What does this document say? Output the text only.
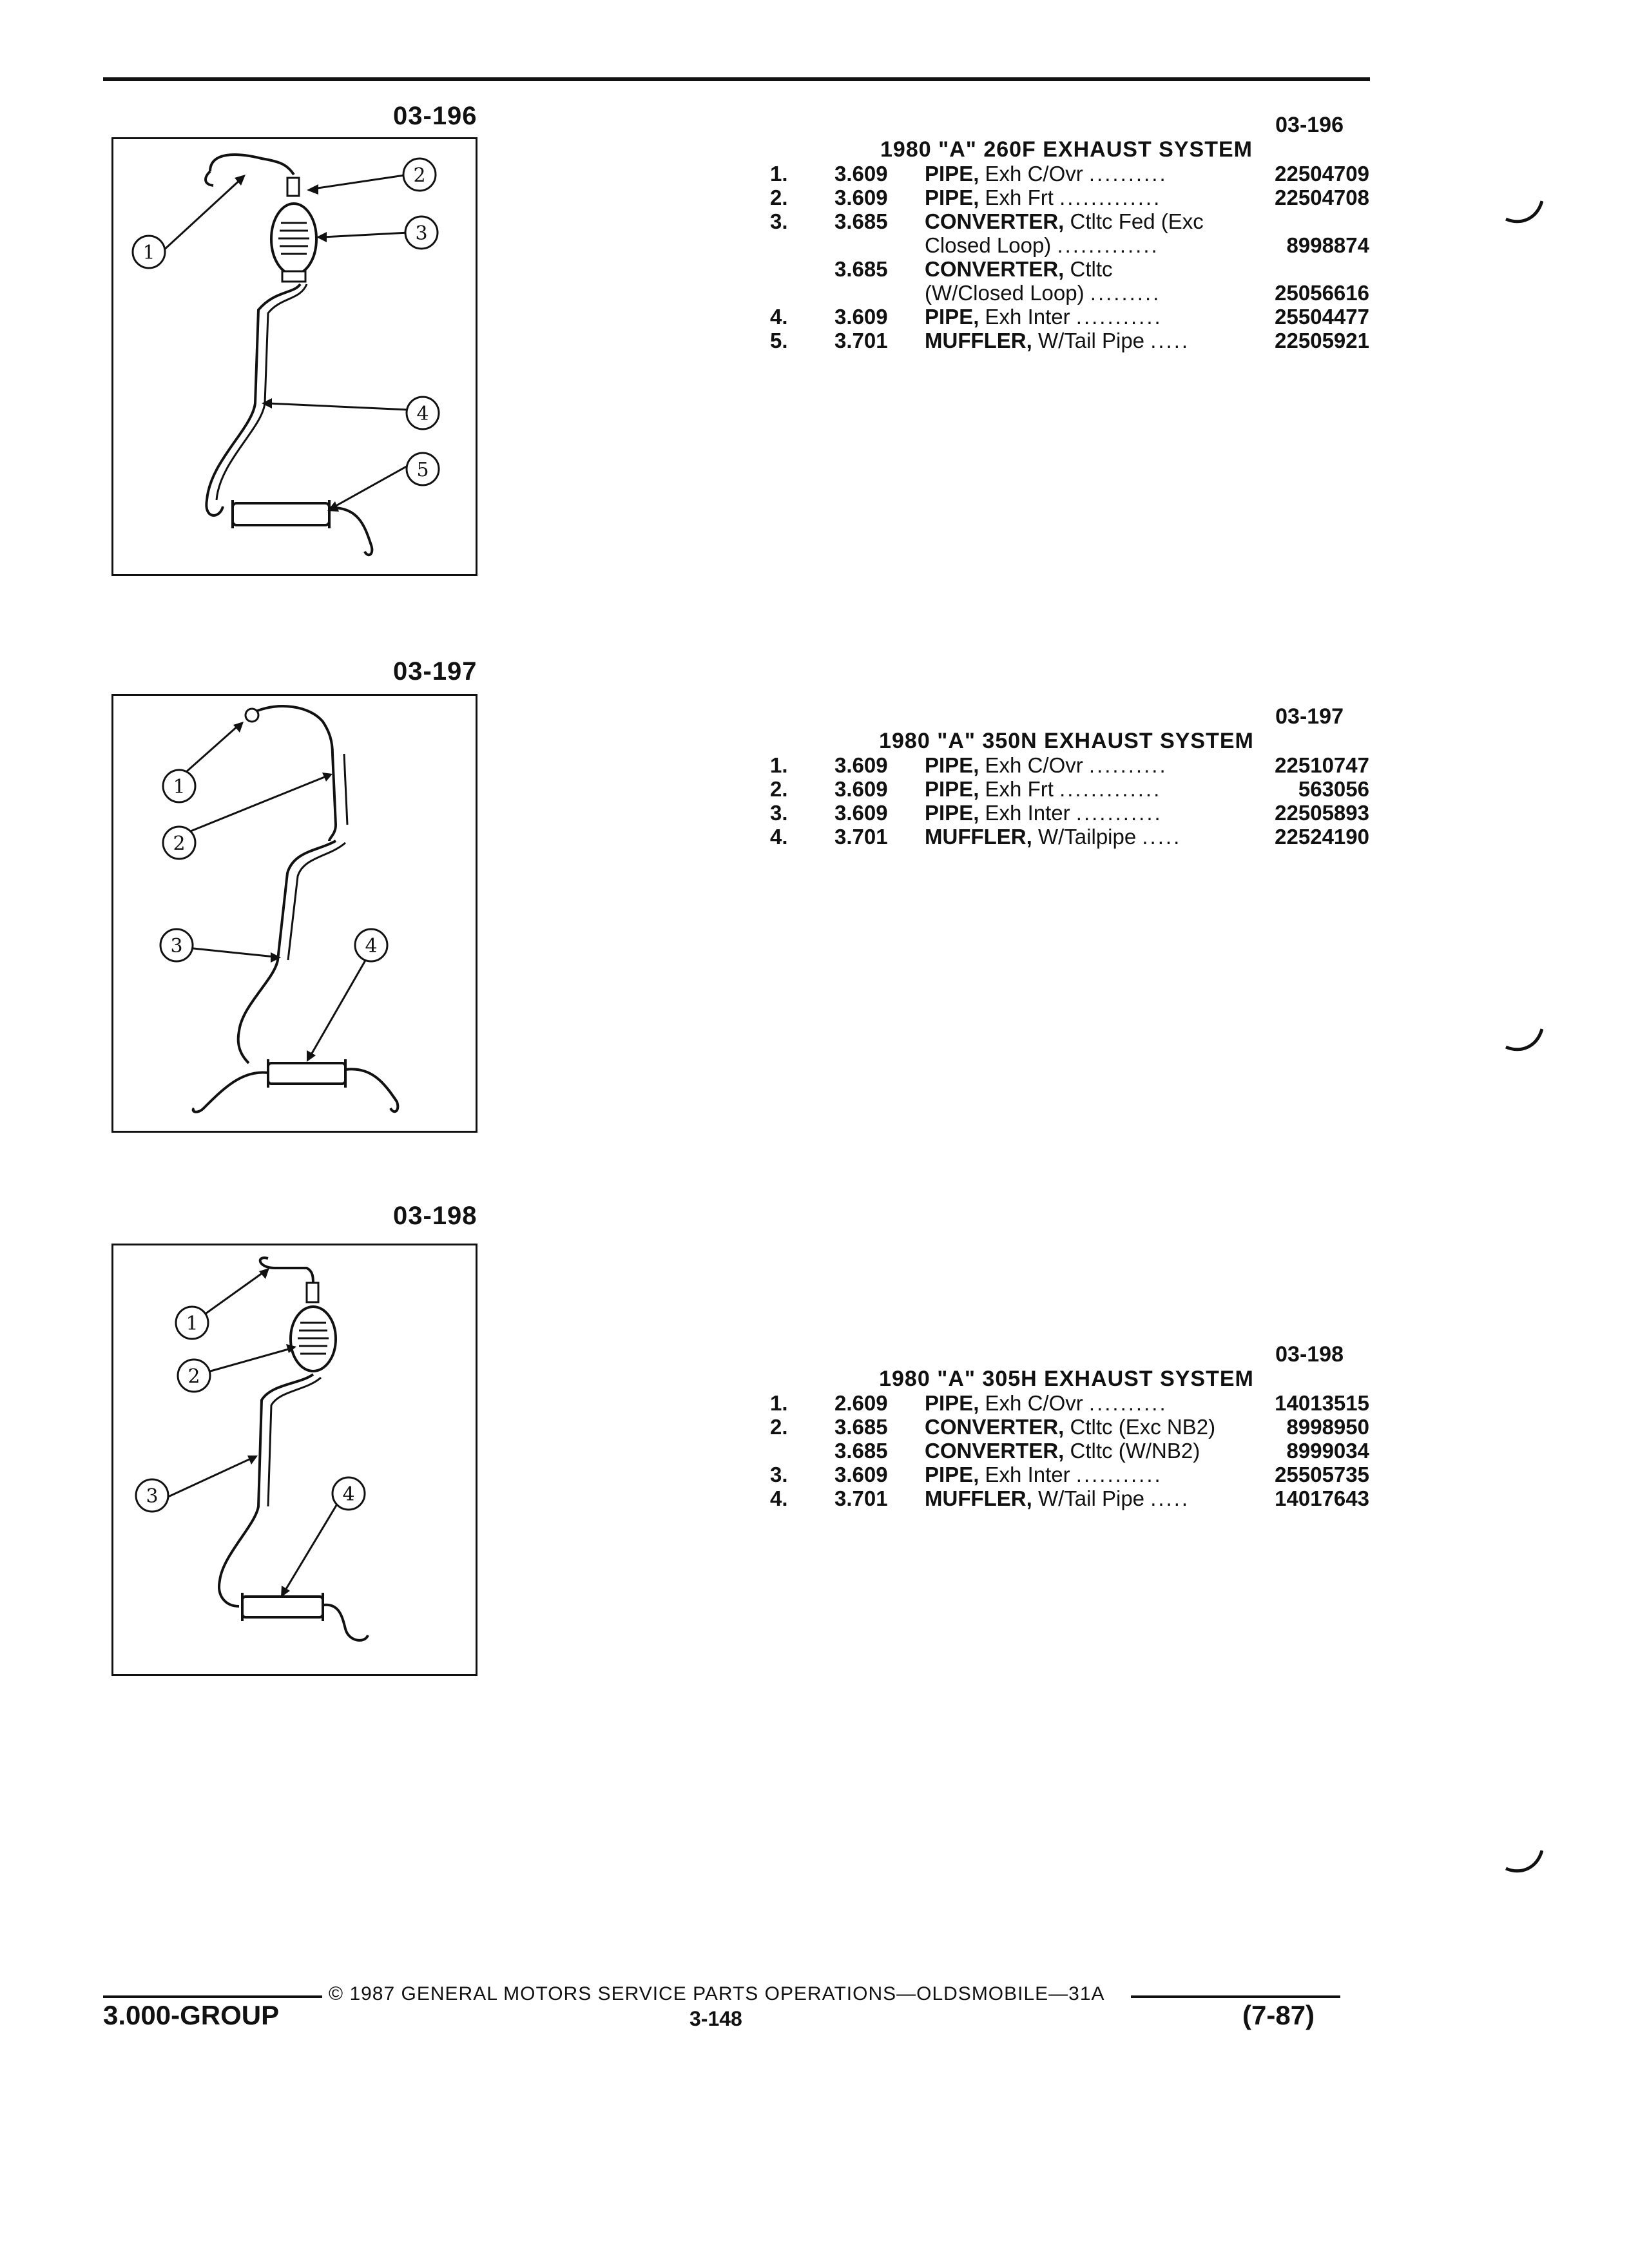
03-196
1
2
3
4
5
03-197
1
2
3	4
03-198
1
2
3	4
03-196
1980 "A" 260F EXHAUST SYSTEM
1. 3.609 PIPE, Exh C/Ovr ..........	22504709
2. 3.609 PIPE, Exh Frt .............	22504708
3. 3.685 CONVERTER, Ctltc Fed (Exc
Closed Loop) .............	8998874
3.685 CONVERTER, Ctltc
(W/Closed Loop) .........	25056616
4. 3.609 PIPE, Exh Inter ...........	25504477
5. 3.701 MUFFLER, W/Tail Pipe .....	22505921
03-197
1980 "A" 350N EXHAUST SYSTEM
1. 3.609 PIPE, Exh C/Ovr ..........	22510747
2. 3.609 PIPE, Exh Frt .............	563056
3. 3.609 PIPE, Exh Inter ...........	22505893
4. 3.701 MUFFLER, W/Tailpipe .....	22524190
03-198
1980 "A" 305H EXHAUST SYSTEM
1. 2.609 PIPE, Exh C/Ovr ..........	14013515
2. 3.685 CONVERTER, Ctltc (Exc NB2)	8998950
3.685 CONVERTER, Ctltc (W/NB2)	8999034
3. 3.609 PIPE, Exh Inter ...........	25505735
4. 3.701 MUFFLER, W/Tail Pipe .....	14017643
© 1987 GENERAL MOTORS SERVICE PARTS OPERATIONS—OLDSMOBILE—31A
3.000-GROUP	3-148	(7-87)
